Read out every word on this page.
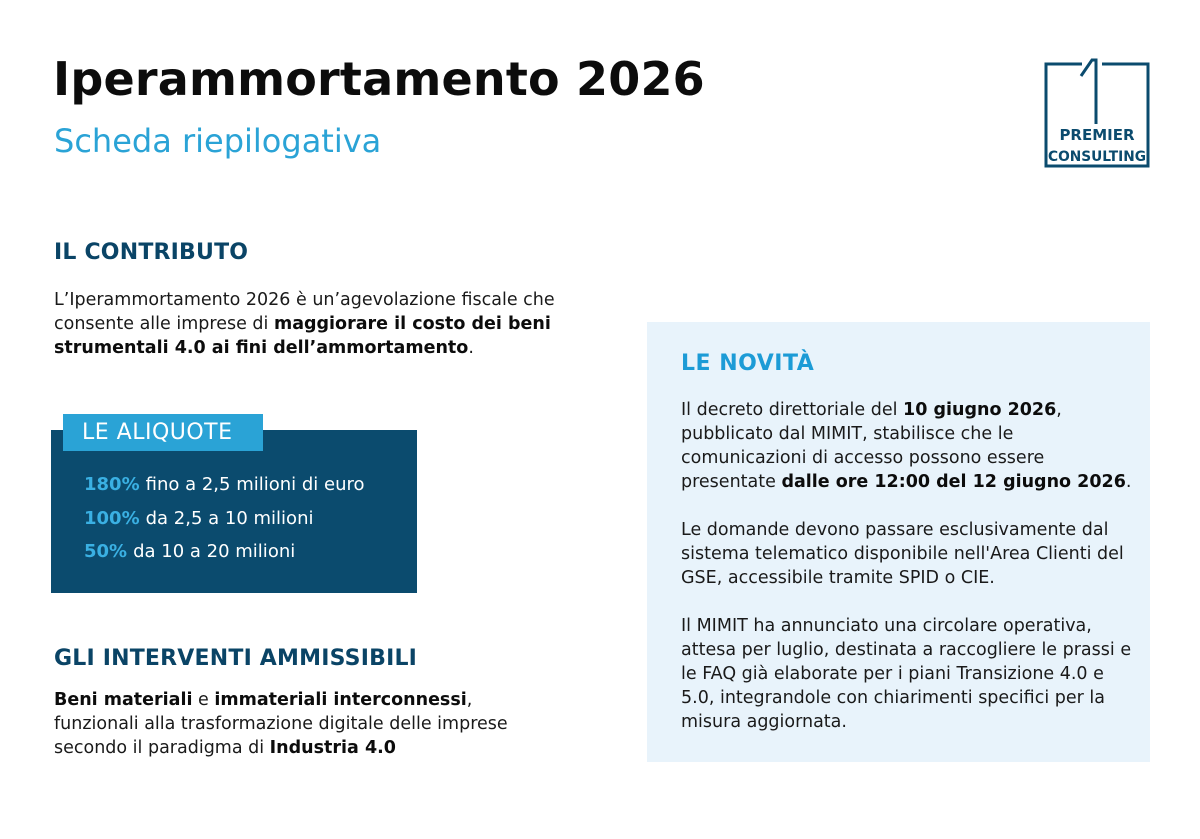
Iperammortamento 2026
Scheda riepilogativa	PREMIER
CONSULTING
IL CONTRIBUTO

L’Iperammortamento 2026 è un’agevolazione fiscale che consente alle imprese di maggiorare il costo dei beni strumentali 4.0 ai fini dell’ammortamento.

LE ALIQUOTE
180% fino a 2,5 milioni di euro
100% da 2,5 a 10 milioni
50% da 10 a 20 milioni
GLI INTERVENTI AMMISSIBILI

Beni materiali e immateriali interconnessi, funzionali alla trasformazione digitale delle imprese secondo il paradigma di Industria 4.0

LE NOVITÀ

Il decreto direttoriale del 10 giugno 2026, pubblicato dal MIMIT, stabilisce che le comunicazioni di accesso possono essere presentate dalle ore 12:00 del 12 giugno 2026.

Le domande devono passare esclusivamente dal sistema telematico disponibile nell'Area Clienti del GSE, accessibile tramite SPID o CIE.

Il MIMIT ha annunciato una circolare operativa, attesa per luglio, destinata a raccogliere le prassi e le FAQ già elaborate per i piani Transizione 4.0 e 5.0, integrandole con chiarimenti specifici per la misura aggiornata.
